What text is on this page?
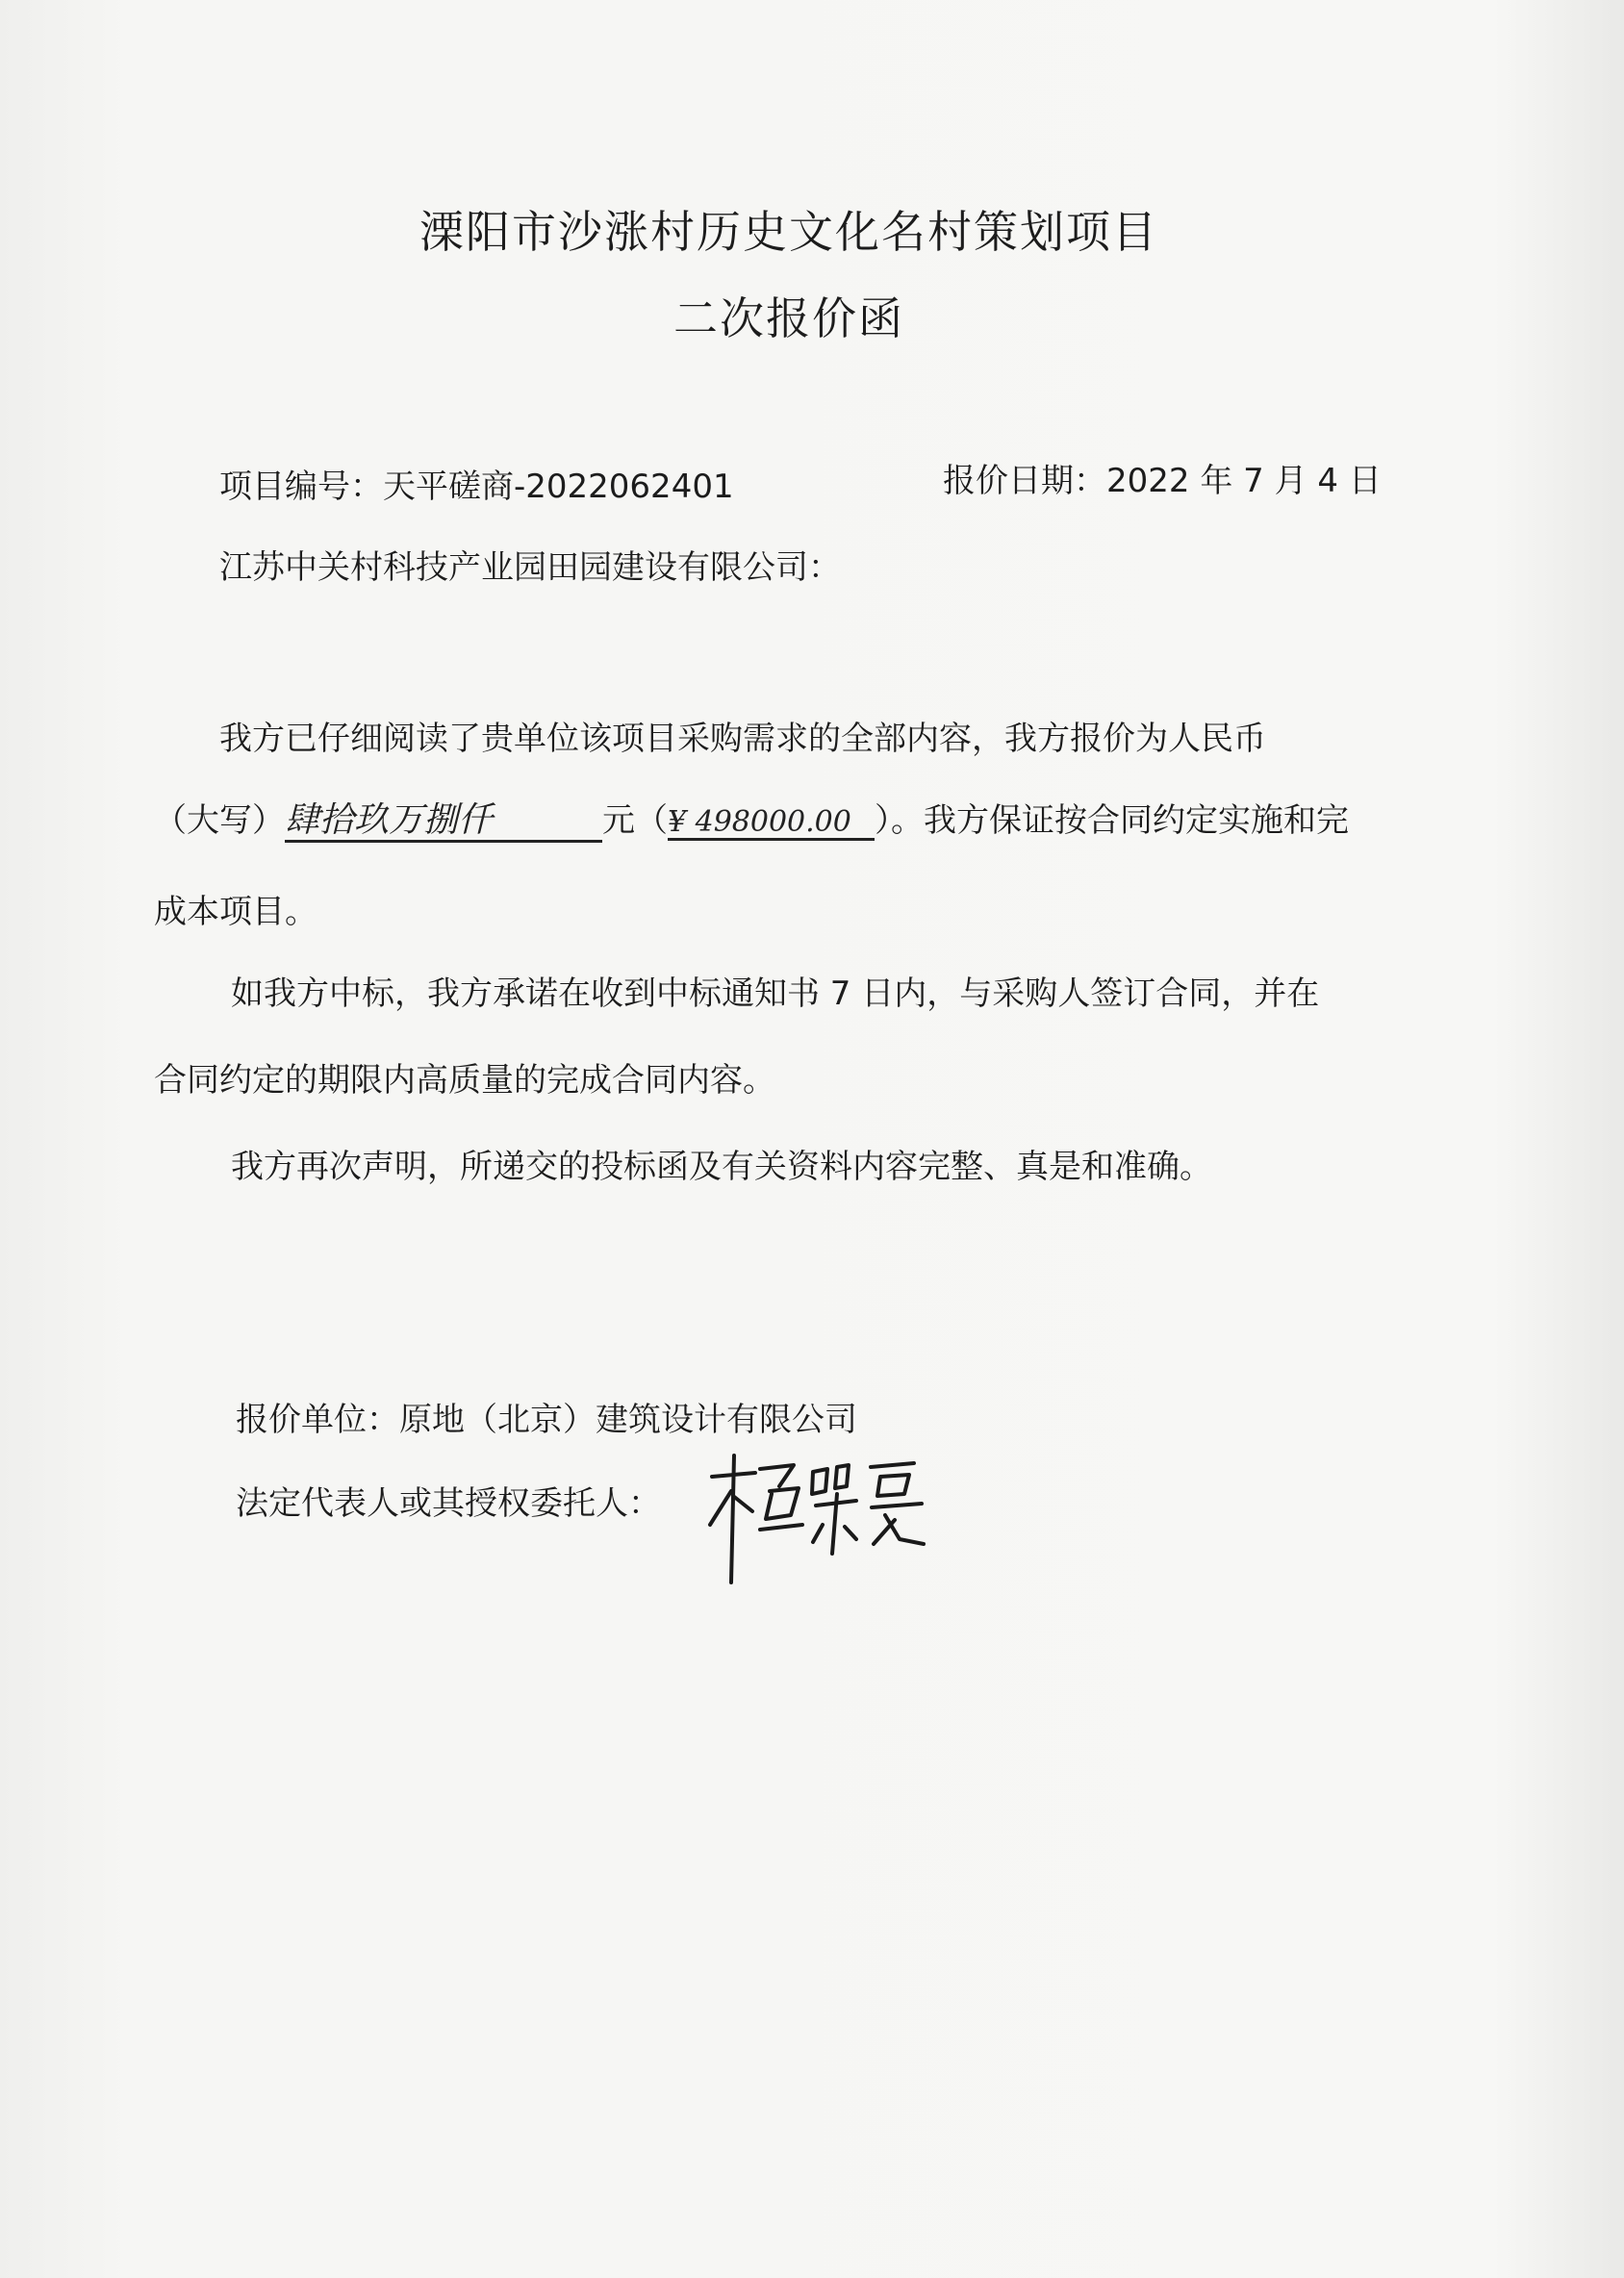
溧阳市沙涨村历史文化名村策划项目
二次报价函
项目编号：天平磋商-2022062401	报价日期：2022 年 7 月 4 日
江苏中关村科技产业园田园建设有限公司：
我方已仔细阅读了贵单位该项目采购需求的全部内容，我方报价为人民币
（大写）肆拾玖万捌仟	元（¥ 498000.00 ）。我方保证按合同约定实施和完
成本项目。
如我方中标，我方承诺在收到中标通知书 7 日内，与采购人签订合同，并在
合同约定的期限内高质量的完成合同内容。
我方再次声明，所递交的投标函及有关资料内容完整、真是和准确。
报价单位：原地（北京）建筑设计有限公司
法定代表人或其授权委托人：
